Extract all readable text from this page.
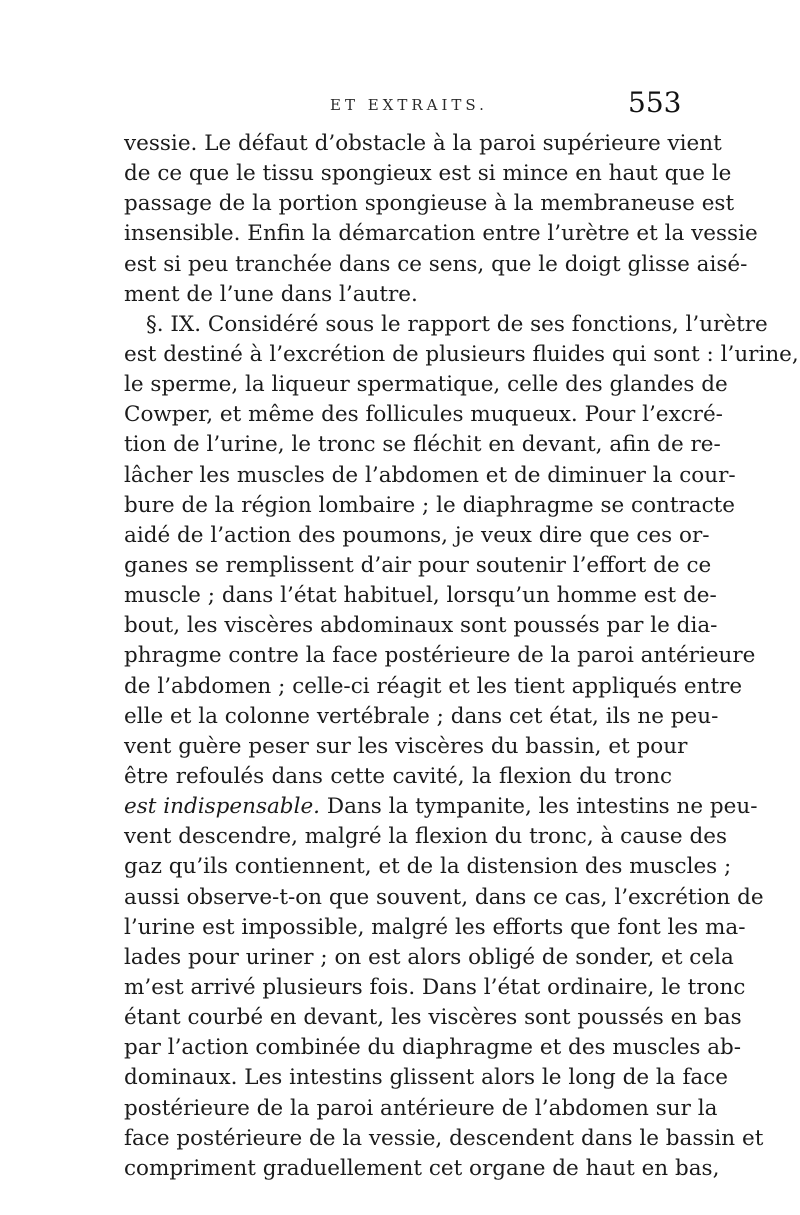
ET EXTRAITS.	553
vessie. Le défaut d’obstacle à la paroi supérieure vient
de ce que le tissu spongieux est si mince en haut que le
passage de la portion spongieuse à la membraneuse est
insensible. Enfin la démarcation entre l’urètre et la vessie
est si peu tranchée dans ce sens, que le doigt glisse aisé-
ment de l’une dans l’autre.
§. IX. Considéré sous le rapport de ses fonctions, l’urètre
est destiné à l’excrétion de plusieurs fluides qui sont : l’urine,
le sperme, la liqueur spermatique, celle des glandes de
Cowper, et même des follicules muqueux. Pour l’excré-
tion de l’urine, le tronc se fléchit en devant, afin de re-
lâcher les muscles de l’abdomen et de diminuer la cour-
bure de la région lombaire ; le diaphragme se contracte
aidé de l’action des poumons, je veux dire que ces or-
ganes se remplissent d’air pour soutenir l’effort de ce
muscle ; dans l’état habituel, lorsqu’un homme est de-
bout, les viscères abdominaux sont poussés par le dia-
phragme contre la face postérieure de la paroi antérieure
de l’abdomen ; celle-ci réagit et les tient appliqués entre
elle et la colonne vertébrale ; dans cet état, ils ne peu-
vent guère peser sur les viscères du bassin, et pour
être refoulés dans cette cavité, la flexion du tronc
est indispensable. Dans la tympanite, les intestins ne peu-
vent descendre, malgré la flexion du tronc, à cause des
gaz qu’ils contiennent, et de la distension des muscles ;
aussi observe-t-on que souvent, dans ce cas, l’excrétion de
l’urine est impossible, malgré les efforts que font les ma-
lades pour uriner ; on est alors obligé de sonder, et cela
m’est arrivé plusieurs fois. Dans l’état ordinaire, le tronc
étant courbé en devant, les viscères sont poussés en bas
par l’action combinée du diaphragme et des muscles ab-
dominaux. Les intestins glissent alors le long de la face
postérieure de la paroi antérieure de l’abdomen sur la
face postérieure de la vessie, descendent dans le bassin et
compriment graduellement cet organe de haut en bas,
